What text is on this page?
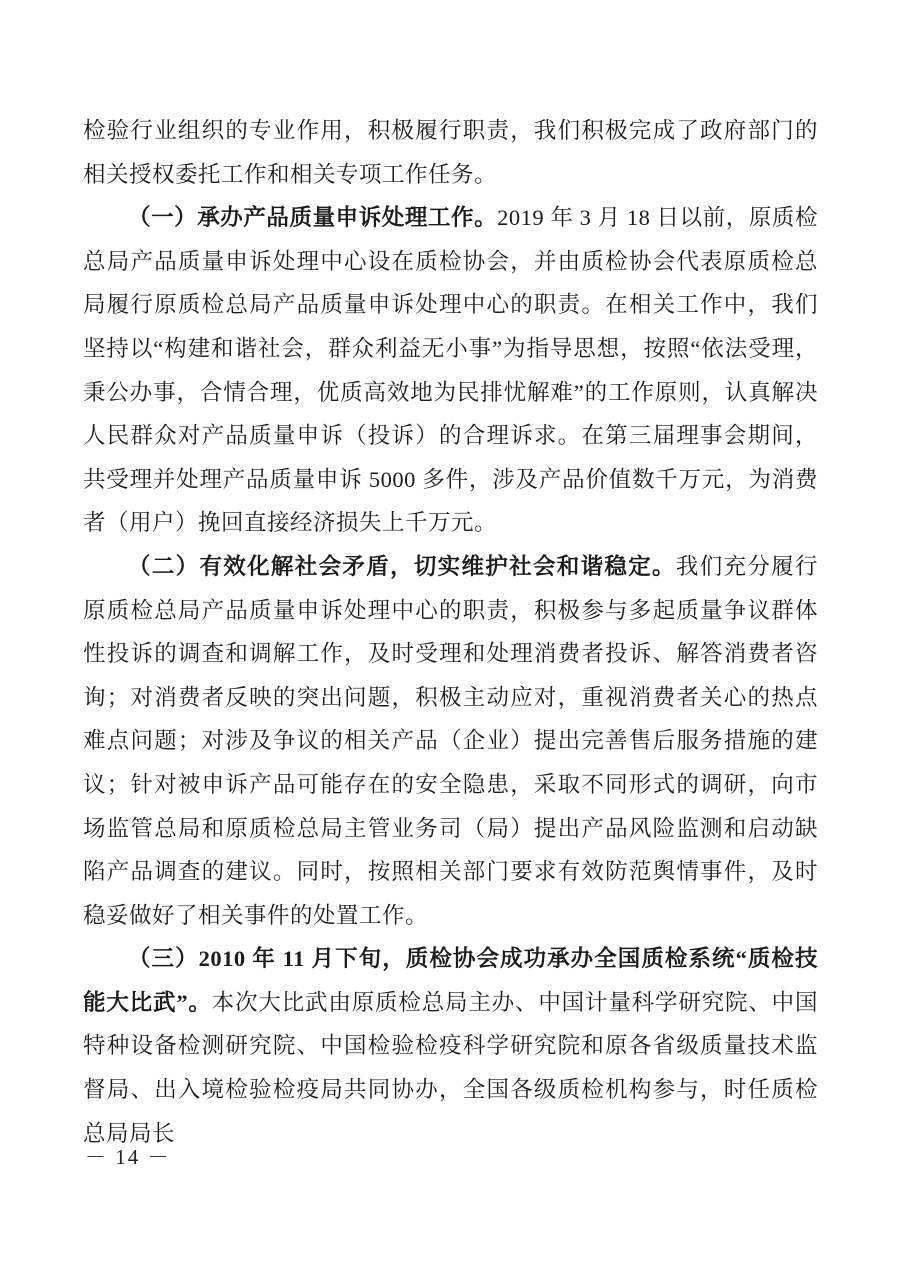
检验行业组织的专业作用，积极履行职责，我们积极完成了政府部门的相关授权委托工作和相关专项工作任务。

（一）承办产品质量申诉处理工作。2019 年 3 月 18 日以前，原质检总局产品质量申诉处理中心设在质检协会，并由质检协会代表原质检总局履行原质检总局产品质量申诉处理中心的职责。在相关工作中，我们坚持以“构建和谐社会，群众利益无小事”为指导思想，按照“依法受理，秉公办事，合情合理，优质高效地为民排忧解难”的工作原则，认真解决人民群众对产品质量申诉（投诉）的合理诉求。在第三届理事会期间，共受理并处理产品质量申诉 5000 多件，涉及产品价值数千万元，为消费者（用户）挽回直接经济损失上千万元。

（二）有效化解社会矛盾，切实维护社会和谐稳定。我们充分履行原质检总局产品质量申诉处理中心的职责，积极参与多起质量争议群体性投诉的调查和调解工作，及时受理和处理消费者投诉、解答消费者咨询；对消费者反映的突出问题，积极主动应对，重视消费者关心的热点难点问题；对涉及争议的相关产品（企业）提出完善售后服务措施的建议；针对被申诉产品可能存在的安全隐患，采取不同形式的调研，向市场监管总局和原质检总局主管业务司（局）提出产品风险监测和启动缺陷产品调查的建议。同时，按照相关部门要求有效防范舆情事件，及时稳妥做好了相关事件的处置工作。

（三）2010 年 11 月下旬，质检协会成功承办全国质检系统“质检技能大比武”。本次大比武由原质检总局主办、中国计量科学研究院、中国特种设备检测研究院、中国检验检疫科学研究院和原各省级质量技术监督局、出入境检验检疫局共同协办，全国各级质检机构参与，时任质检总局局长

－ 14 －
